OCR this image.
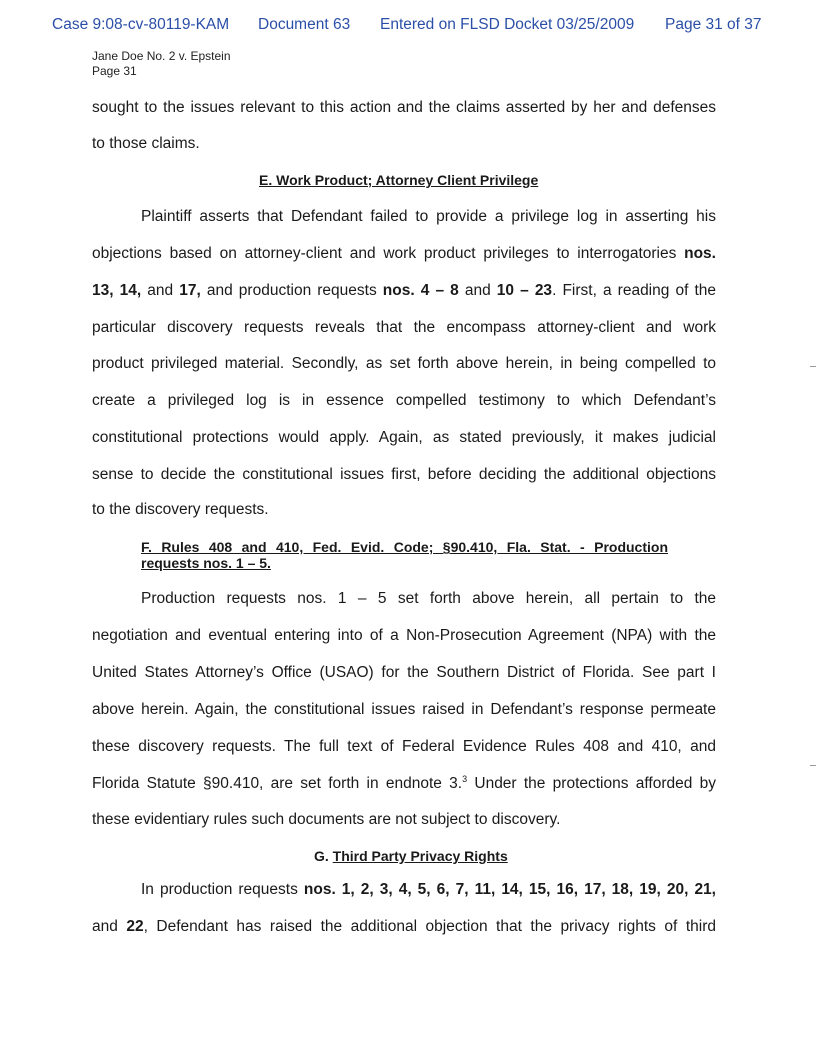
Case 9:08-cv-80119-KAM Document 63 Entered on FLSD Docket 03/25/2009 Page 31 of 37
Jane Doe No. 2 v. Epstein
Page 31
sought to the issues relevant to this action and the claims asserted by her and defenses
to those claims.
E. Work Product; Attorney Client Privilege
Plaintiff asserts that Defendant failed to provide a privilege log in asserting his
objections based on attorney-client and work product privileges to interrogatories nos.
13, 14, and 17, and production requests nos. 4 – 8 and 10 – 23. First, a reading of the
particular discovery requests reveals that the encompass attorney-client and work
product privileged material. Secondly, as set forth above herein, in being compelled to
create a privileged log is in essence compelled testimony to which Defendant’s
constitutional protections would apply. Again, as stated previously, it makes judicial
sense to decide the constitutional issues first, before deciding the additional objections
to the discovery requests.
F. Rules 408 and 410, Fed. Evid. Code; §90.410, Fla. Stat. - Production
requests nos. 1 – 5.
Production requests nos. 1 – 5 set forth above herein, all pertain to the
negotiation and eventual entering into of a Non-Prosecution Agreement (NPA) with the
United States Attorney’s Office (USAO) for the Southern District of Florida. See part I
above herein. Again, the constitutional issues raised in Defendant’s response permeate
these discovery requests. The full text of Federal Evidence Rules 408 and 410, and
Florida Statute §90.410, are set forth in endnote 3.$^3$ Under the protections afforded by
these evidentiary rules such documents are not subject to discovery.
G. Third Party Privacy Rights
In production requests nos. 1, 2, 3, 4, 5, 6, 7, 11, 14, 15, 16, 17, 18, 19, 20, 21,
and 22, Defendant has raised the additional objection that the privacy rights of third
